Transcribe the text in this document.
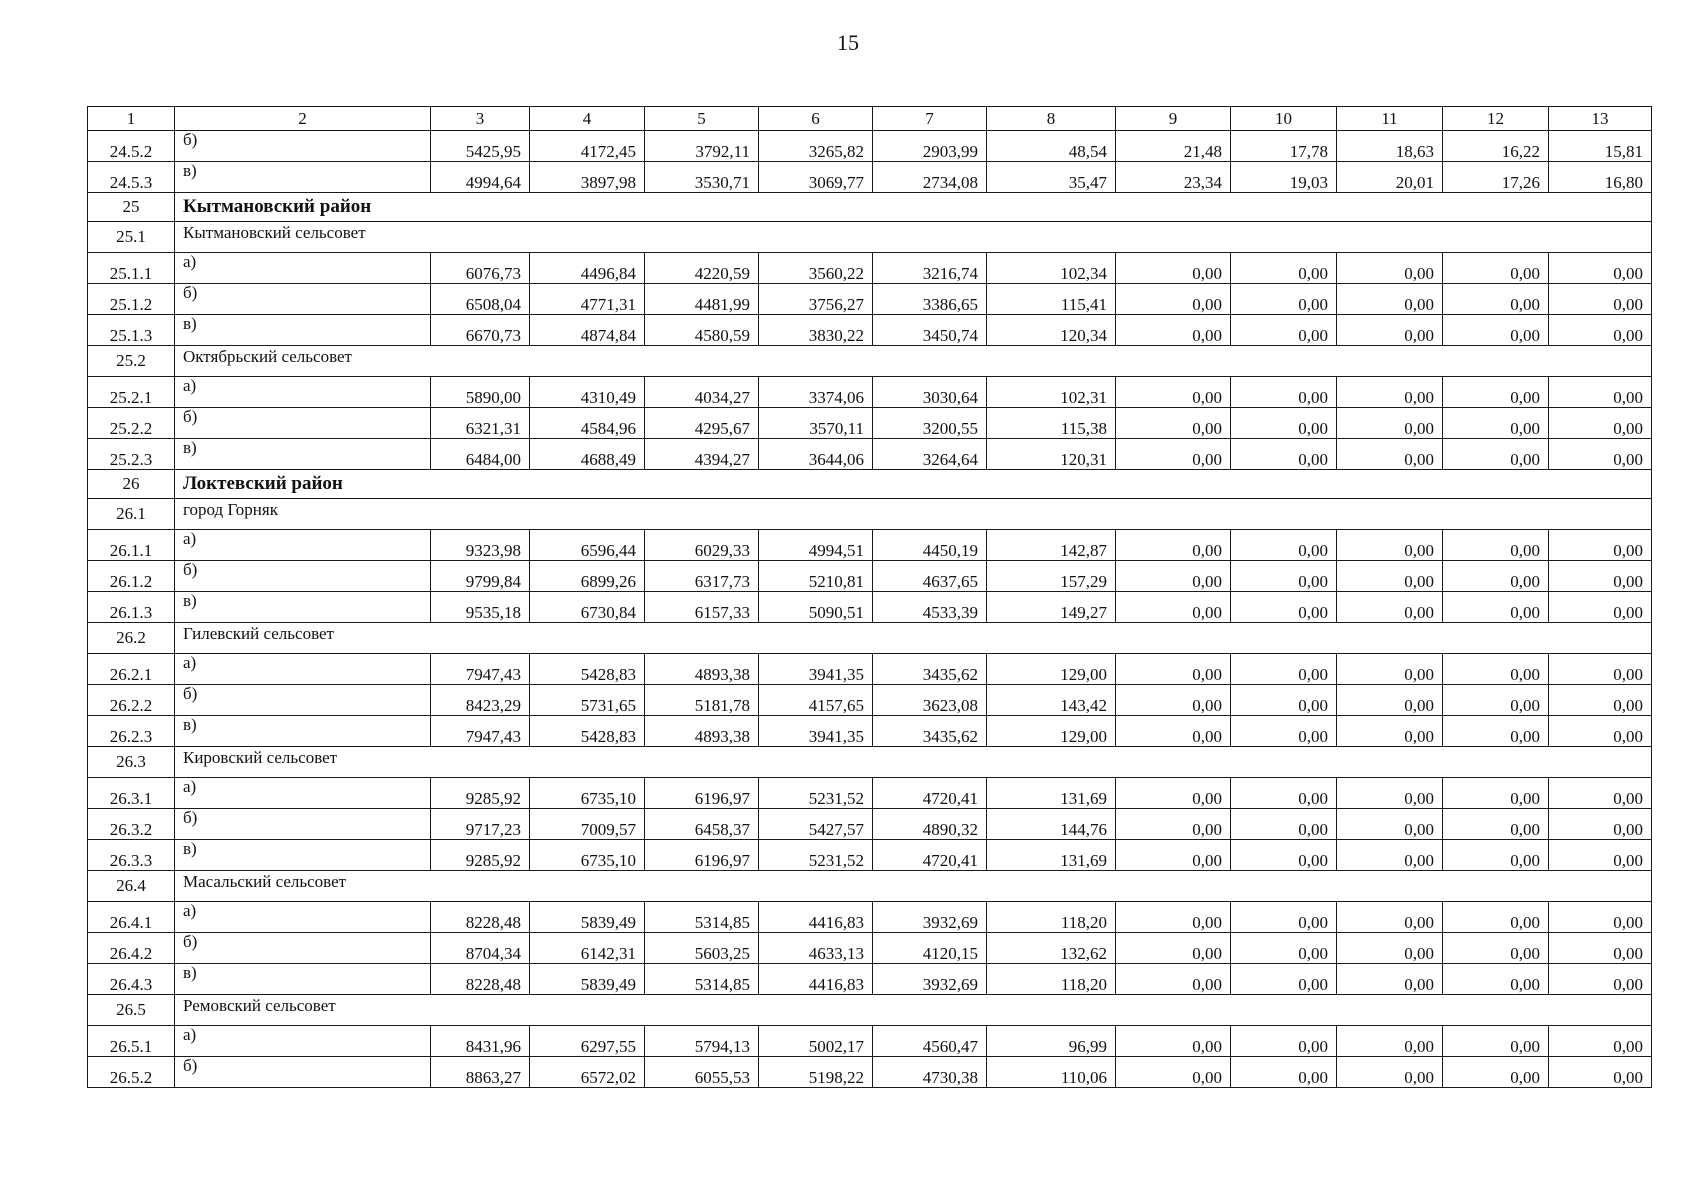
15
1	2	3	4	5	6	7	8	9	10	11	12	13
24.5.2	б)	5425,95	4172,45	3792,11	3265,82	2903,99	48,54	21,48	17,78	18,63	16,22	15,81
24.5.3	в)	4994,64	3897,98	3530,71	3069,77	2734,08	35,47	23,34	19,03	20,01	17,26	16,80
25	Кытмановский район											
25.1	Кытмановский сельсовет											
25.1.1	а)	6076,73	4496,84	4220,59	3560,22	3216,74	102,34	0,00	0,00	0,00	0,00	0,00
25.1.2	б)	6508,04	4771,31	4481,99	3756,27	3386,65	115,41	0,00	0,00	0,00	0,00	0,00
25.1.3	в)	6670,73	4874,84	4580,59	3830,22	3450,74	120,34	0,00	0,00	0,00	0,00	0,00
25.2	Октябрьский сельсовет											
25.2.1	а)	5890,00	4310,49	4034,27	3374,06	3030,64	102,31	0,00	0,00	0,00	0,00	0,00
25.2.2	б)	6321,31	4584,96	4295,67	3570,11	3200,55	115,38	0,00	0,00	0,00	0,00	0,00
25.2.3	в)	6484,00	4688,49	4394,27	3644,06	3264,64	120,31	0,00	0,00	0,00	0,00	0,00
26	Локтевский район											
26.1	город Горняк											
26.1.1	а)	9323,98	6596,44	6029,33	4994,51	4450,19	142,87	0,00	0,00	0,00	0,00	0,00
26.1.2	б)	9799,84	6899,26	6317,73	5210,81	4637,65	157,29	0,00	0,00	0,00	0,00	0,00
26.1.3	в)	9535,18	6730,84	6157,33	5090,51	4533,39	149,27	0,00	0,00	0,00	0,00	0,00
26.2	Гилевский сельсовет											
26.2.1	а)	7947,43	5428,83	4893,38	3941,35	3435,62	129,00	0,00	0,00	0,00	0,00	0,00
26.2.2	б)	8423,29	5731,65	5181,78	4157,65	3623,08	143,42	0,00	0,00	0,00	0,00	0,00
26.2.3	в)	7947,43	5428,83	4893,38	3941,35	3435,62	129,00	0,00	0,00	0,00	0,00	0,00
26.3	Кировский сельсовет											
26.3.1	а)	9285,92	6735,10	6196,97	5231,52	4720,41	131,69	0,00	0,00	0,00	0,00	0,00
26.3.2	б)	9717,23	7009,57	6458,37	5427,57	4890,32	144,76	0,00	0,00	0,00	0,00	0,00
26.3.3	в)	9285,92	6735,10	6196,97	5231,52	4720,41	131,69	0,00	0,00	0,00	0,00	0,00
26.4	Масальский сельсовет											
26.4.1	а)	8228,48	5839,49	5314,85	4416,83	3932,69	118,20	0,00	0,00	0,00	0,00	0,00
26.4.2	б)	8704,34	6142,31	5603,25	4633,13	4120,15	132,62	0,00	0,00	0,00	0,00	0,00
26.4.3	в)	8228,48	5839,49	5314,85	4416,83	3932,69	118,20	0,00	0,00	0,00	0,00	0,00
26.5	Ремовский сельсовет											
26.5.1	а)	8431,96	6297,55	5794,13	5002,17	4560,47	96,99	0,00	0,00	0,00	0,00	0,00
26.5.2	б)	8863,27	6572,02	6055,53	5198,22	4730,38	110,06	0,00	0,00	0,00	0,00	0,00
